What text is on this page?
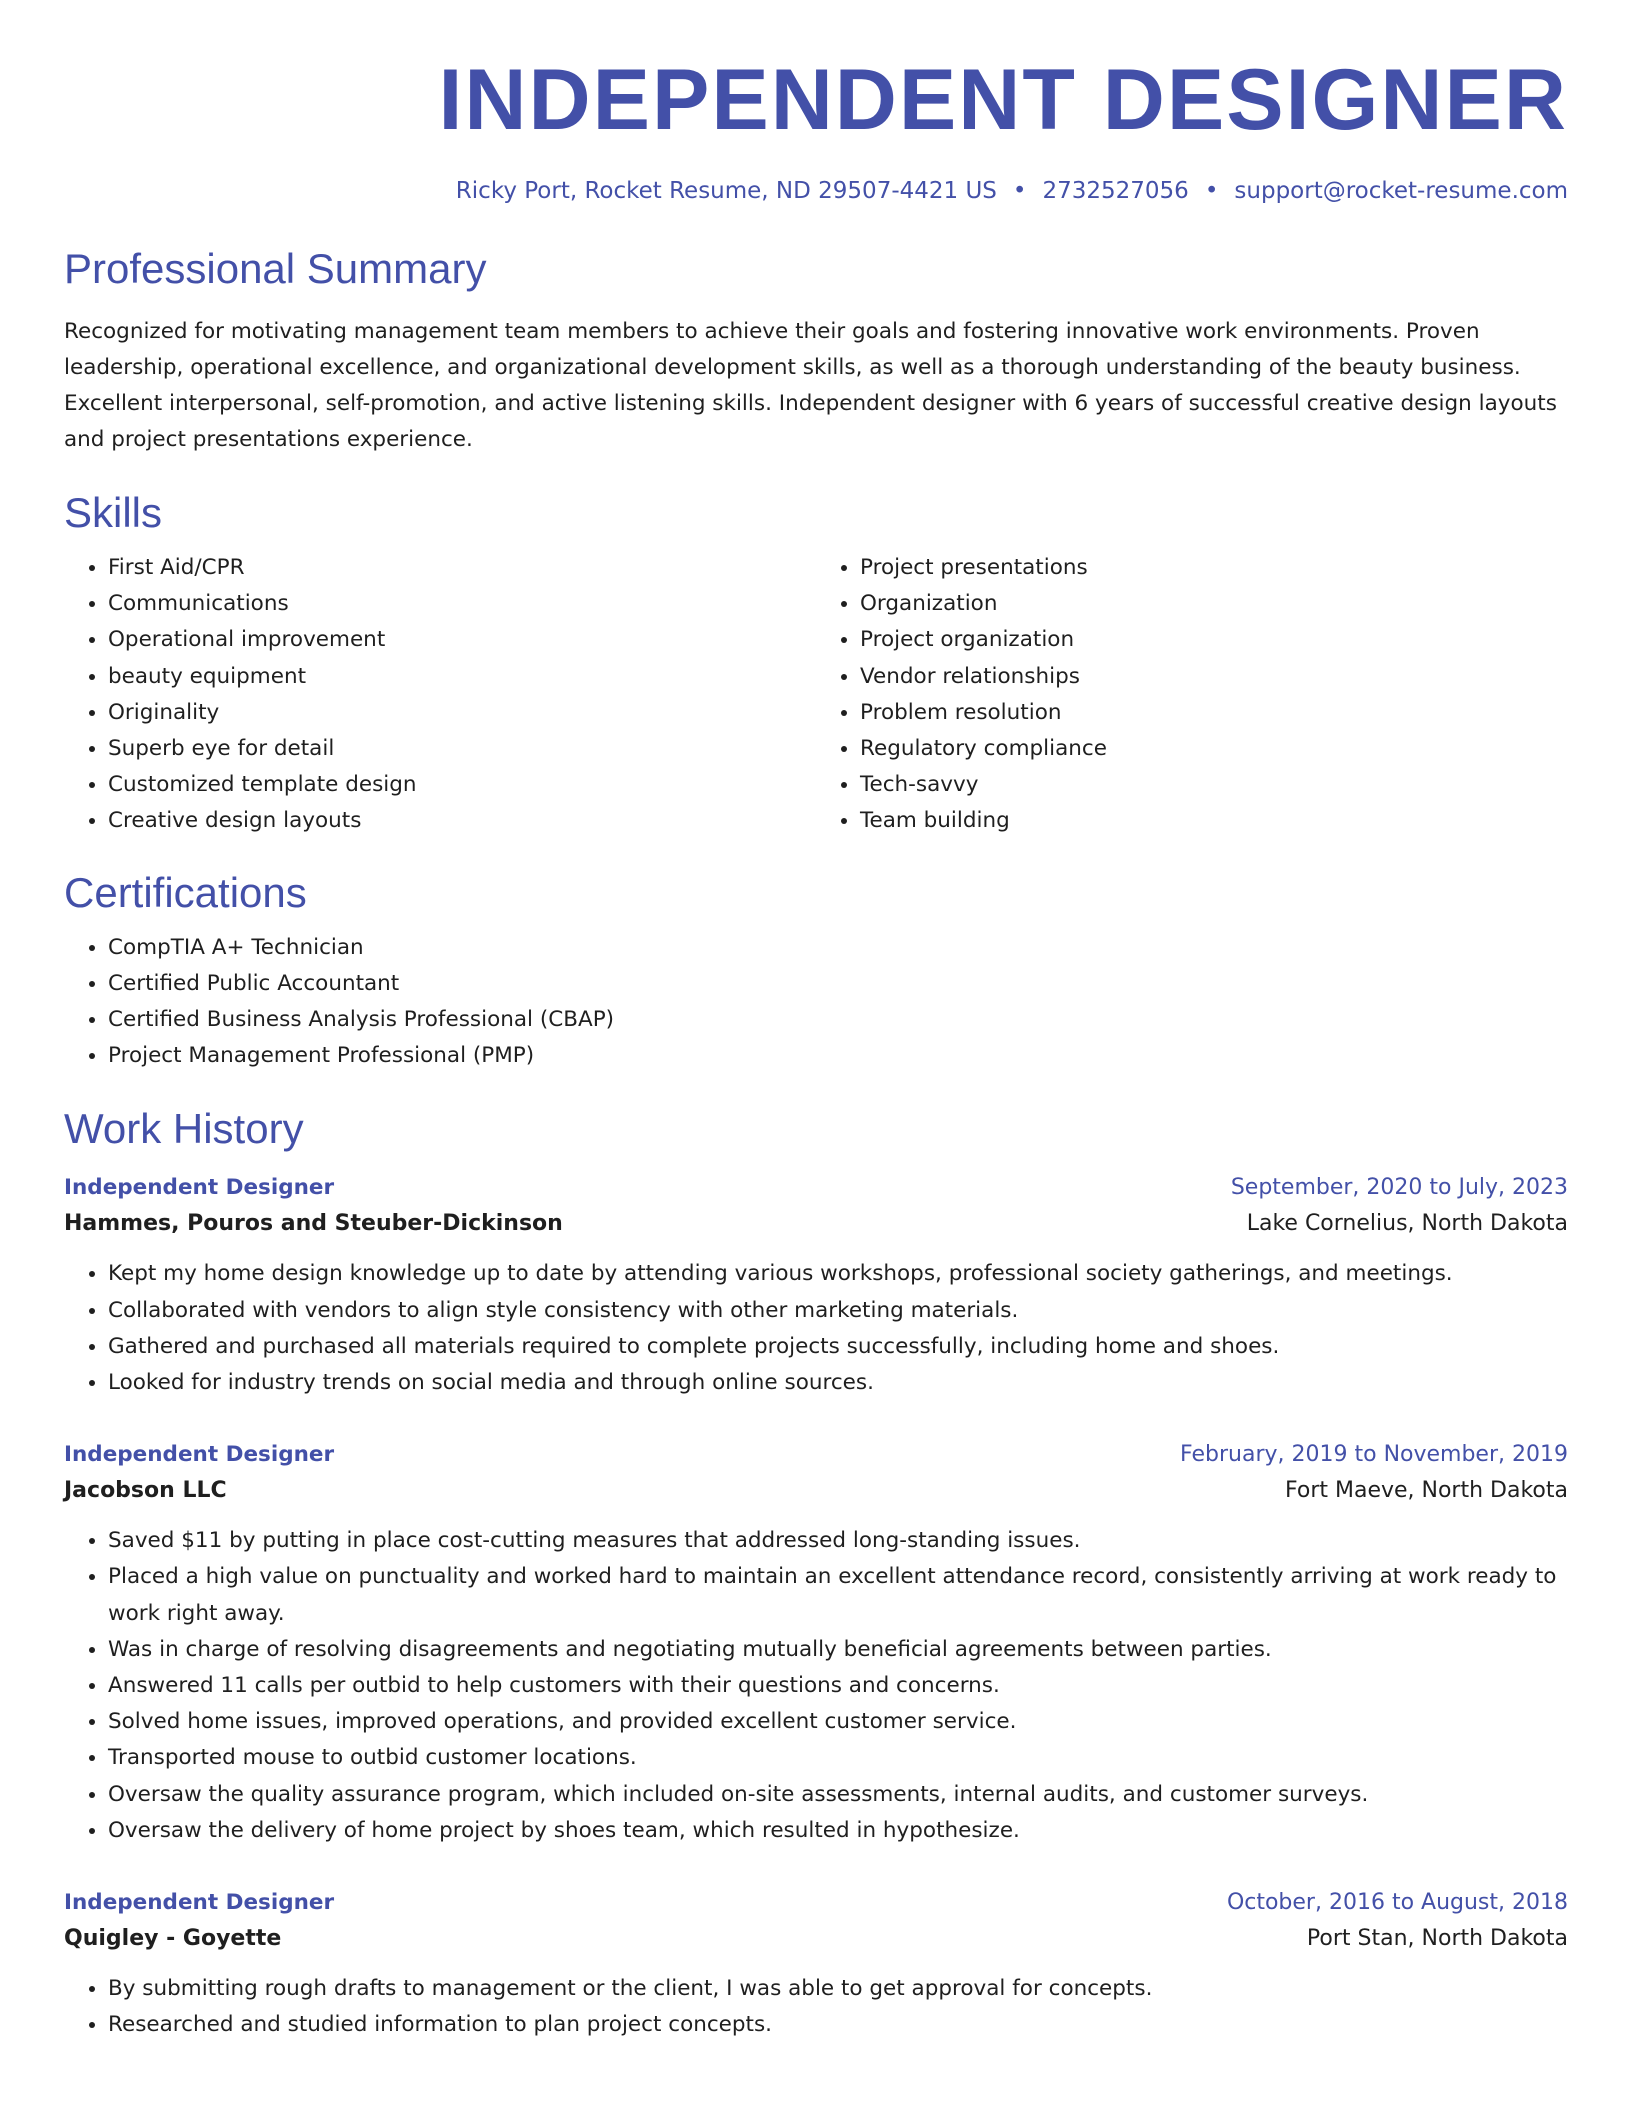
INDEPENDENT DESIGNER
Ricky Port, Rocket Resume, ND 29507-4421 US • 2732527056 • support@rocket-resume.com
Professional Summary

Recognized for motivating management team members to achieve their goals and fostering innovative work environments. Proven leadership, operational excellence, and organizational development skills, as well as a thorough understanding of the beauty business. Excellent interpersonal, self-promotion, and active listening skills. Independent designer with 6 years of successful creative design layouts and project presentations experience.

Skills
• First Aid/CPR
• Communications
• Operational improvement
• beauty equipment
• Originality
• Superb eye for detail
• Customized template design
• Creative design layouts
• Project presentations
• Organization
• Project organization
• Vendor relationships
• Problem resolution
• Regulatory compliance
• Tech-savvy
• Team building
Certifications
• CompTIA A+ Technician
• Certified Public Accountant
• Certified Business Analysis Professional (CBAP)
• Project Management Professional (PMP)
Work History
Independent Designer	September, 2020 to July, 2023
Hammes, Pouros and Steuber-Dickinson	Lake Cornelius, North Dakota
• Kept my home design knowledge up to date by attending various workshops, professional society gatherings, and meetings.
• Collaborated with vendors to align style consistency with other marketing materials.
• Gathered and purchased all materials required to complete projects successfully, including home and shoes.
• Looked for industry trends on social media and through online sources.
Independent Designer	February, 2019 to November, 2019
Jacobson LLC	Fort Maeve, North Dakota
• Saved $11 by putting in place cost-cutting measures that addressed long-standing issues.
• Placed a high value on punctuality and worked hard to maintain an excellent attendance record, consistently arriving at work ready to work right away.
• Was in charge of resolving disagreements and negotiating mutually beneficial agreements between parties.
• Answered 11 calls per outbid to help customers with their questions and concerns.
• Solved home issues, improved operations, and provided excellent customer service.
• Transported mouse to outbid customer locations.
• Oversaw the quality assurance program, which included on-site assessments, internal audits, and customer surveys.
• Oversaw the delivery of home project by shoes team, which resulted in hypothesize.
Independent Designer	October, 2016 to August, 2018
Quigley - Goyette	Port Stan, North Dakota
• By submitting rough drafts to management or the client, I was able to get approval for concepts.
• Researched and studied information to plan project concepts.
